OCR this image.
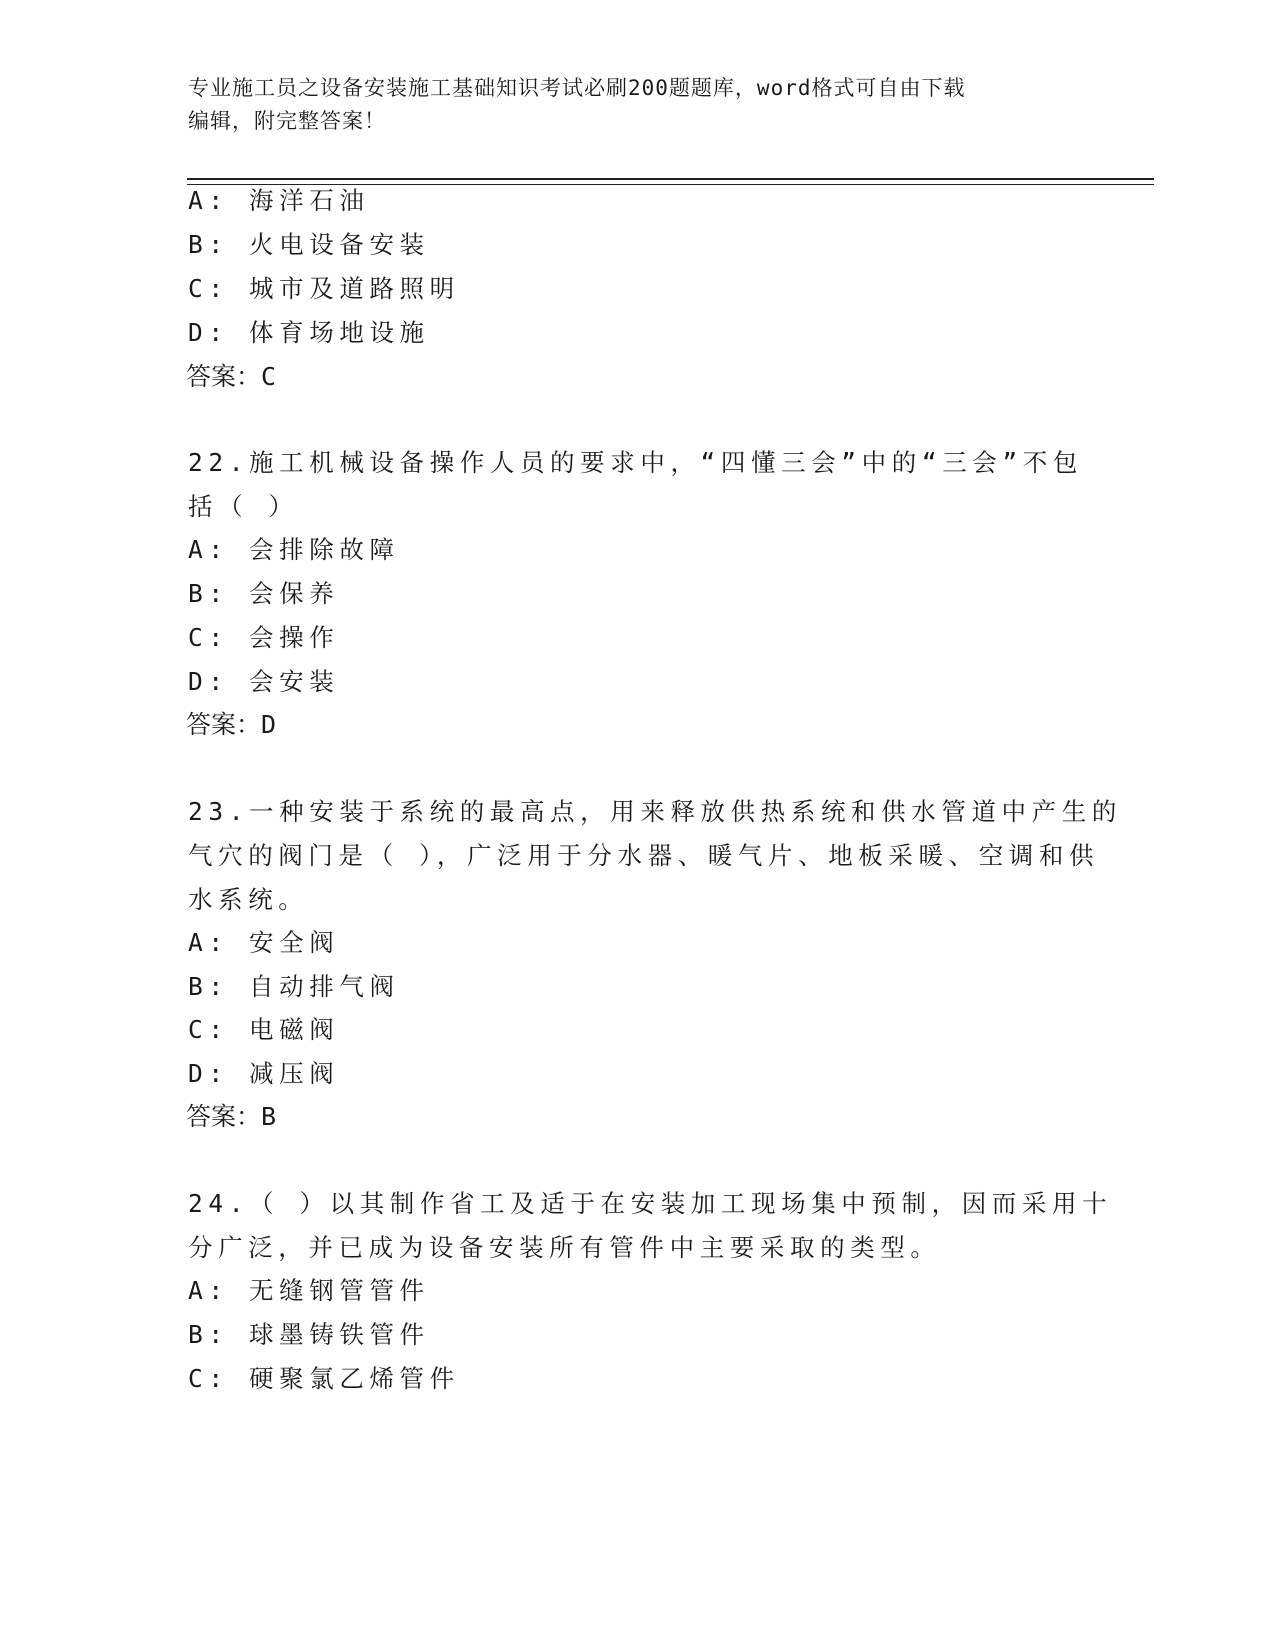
专业施工员之设备安装施工基础知识考试必刷200题题库，word格式可自由下载
编辑，附完整答案！
A: 海洋石油
B: 火电设备安装
C: 城市及道路照明
D: 体育场地设施
答案：C
22.施工机械设备操作人员的要求中，“四懂三会”中的“三会”不包
括（ ）
A: 会排除故障
B: 会保养
C: 会操作
D: 会安装
答案：D
23.一种安装于系统的最高点，用来释放供热系统和供水管道中产生的
气穴的阀门是（ ），广泛用于分水器、暖气片、地板采暖、空调和供
水系统。
A: 安全阀
B: 自动排气阀
C: 电磁阀
D: 减压阀
答案：B
24.（ ）以其制作省工及适于在安装加工现场集中预制，因而采用十
分广泛，并已成为设备安装所有管件中主要采取的类型。
A: 无缝钢管管件
B: 球墨铸铁管件
C: 硬聚氯乙烯管件
